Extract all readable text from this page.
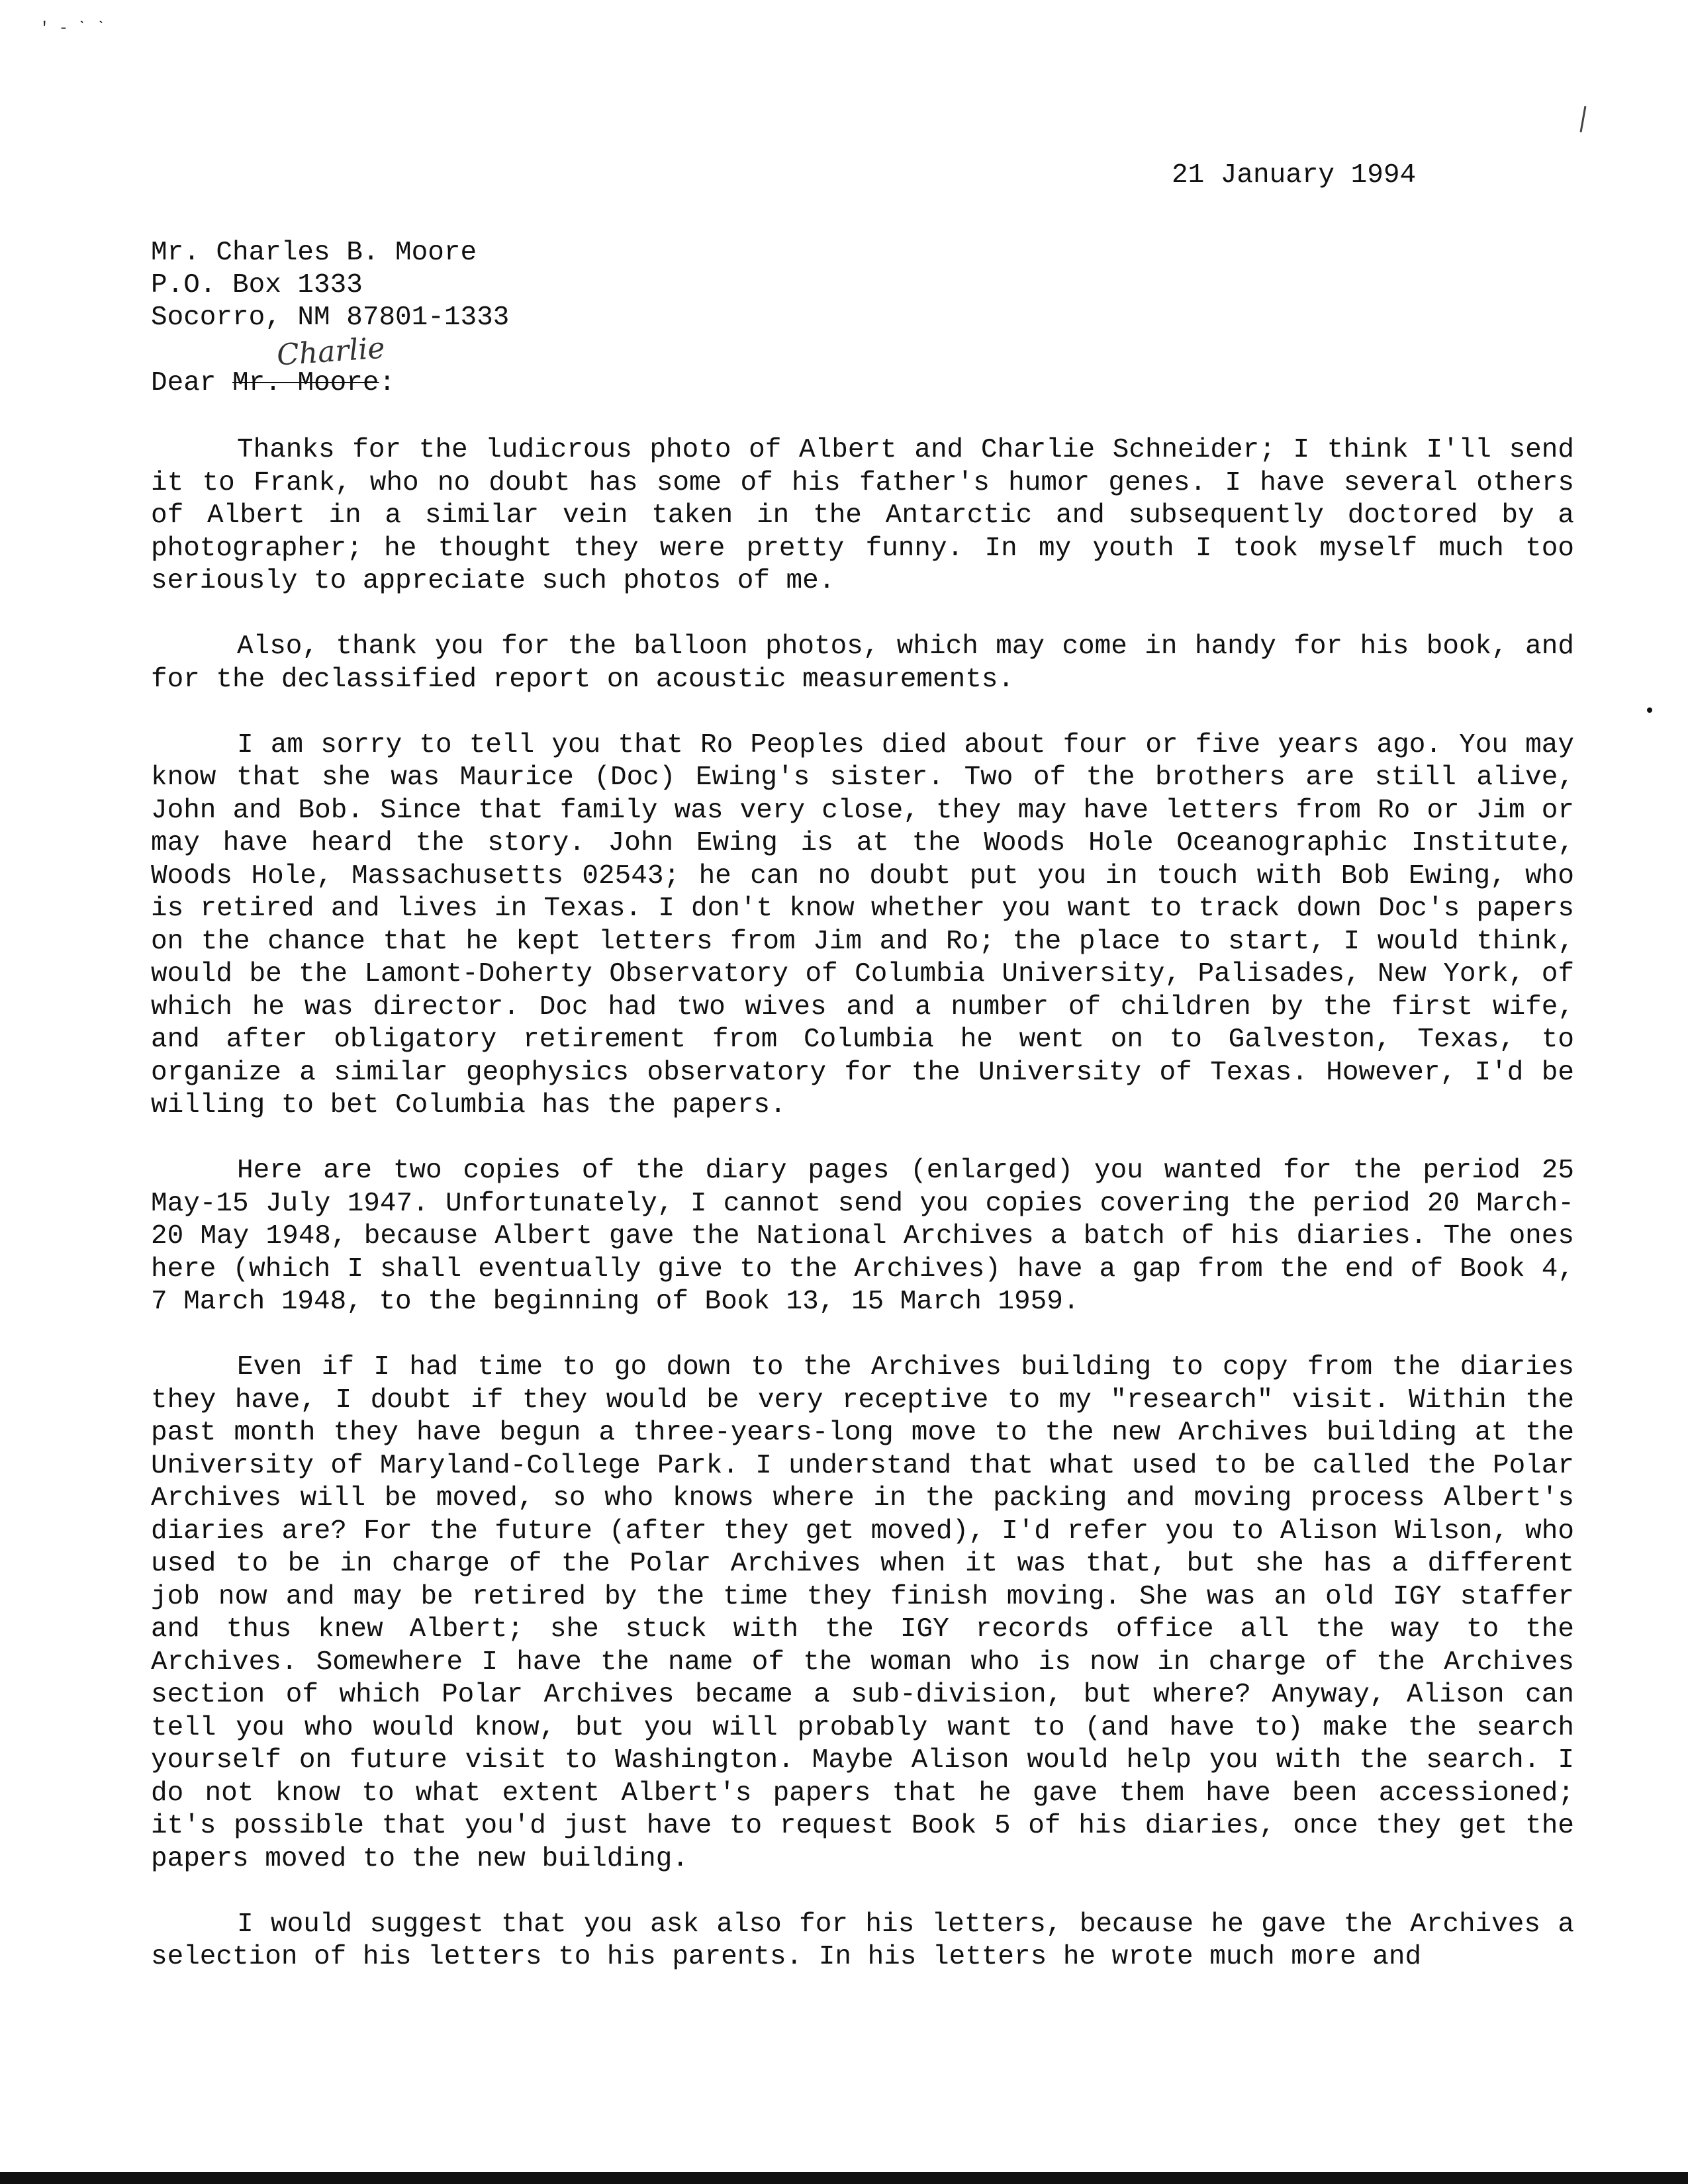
' ‑ ˋ ˋ

21 January 1994

Mr. Charles B. Moore
P.O. Box 1333
Socorro, NM 87801-1333
Charlie
Dear Mr. Moore:

Thanks for the ludicrous photo of Albert and Charlie Schneider; I think I'll send it to Frank, who no doubt has some of his father's humor genes. I have several others of Albert in a similar vein taken in the Antarctic and subsequently doctored by a photographer; he thought they were pretty funny. In my youth I took myself much too seriously to appreciate such photos of me.

Also, thank you for the balloon photos, which may come in handy for his book, and for the declassified report on acoustic measurements.

I am sorry to tell you that Ro Peoples died about four or five years ago. You may know that she was Maurice (Doc) Ewing's sister. Two of the brothers are still alive, John and Bob. Since that family was very close, they may have letters from Ro or Jim or may have heard the story. John Ewing is at the Woods Hole Oceanographic Institute, Woods Hole, Massachusetts 02543; he can no doubt put you in touch with Bob Ewing, who is retired and lives in Texas. I don't know whether you want to track down Doc's papers on the chance that he kept letters from Jim and Ro; the place to start, I would think, would be the Lamont-Doherty Observatory of Columbia University, Palisades, New York, of which he was director. Doc had two wives and a number of children by the first wife, and after obligatory retirement from Columbia he went on to Galveston, Texas, to organize a similar geophysics observatory for the University of Texas. However, I'd be willing to bet Columbia has the papers.

Here are two copies of the diary pages (enlarged) you wanted for the period 25 May-15 July 1947. Unfortunately, I cannot send you copies covering the period 20 March-20 May 1948, because Albert gave the National Archives a batch of his diaries. The ones here (which I shall eventually give to the Archives) have a gap from the end of Book 4, 7 March 1948, to the beginning of Book 13, 15 March 1959.

Even if I had time to go down to the Archives building to copy from the diaries they have, I doubt if they would be very receptive to my "research" visit. Within the past month they have begun a three-years-long move to the new Archives building at the University of Maryland-College Park. I understand that what used to be called the Polar Archives will be moved, so who knows where in the packing and moving process Albert's diaries are? For the future (after they get moved), I'd refer you to Alison Wilson, who used to be in charge of the Polar Archives when it was that, but she has a different job now and may be retired by the time they finish moving. She was an old IGY staffer and thus knew Albert; she stuck with the IGY records office all the way to the Archives. Somewhere I have the name of the woman who is now in charge of the Archives section of which Polar Archives became a sub-division, but where? Anyway, Alison can tell you who would know, but you will probably want to (and have to) make the search yourself on future visit to Washington. Maybe Alison would help you with the search. I do not know to what extent Albert's papers that he gave them have been accessioned; it's possible that you'd just have to request Book 5 of his diaries, once they get the papers moved to the new building.

I would suggest that you ask also for his letters, because he gave the Archives a selection of his letters to his parents. In his letters he wrote much more and
